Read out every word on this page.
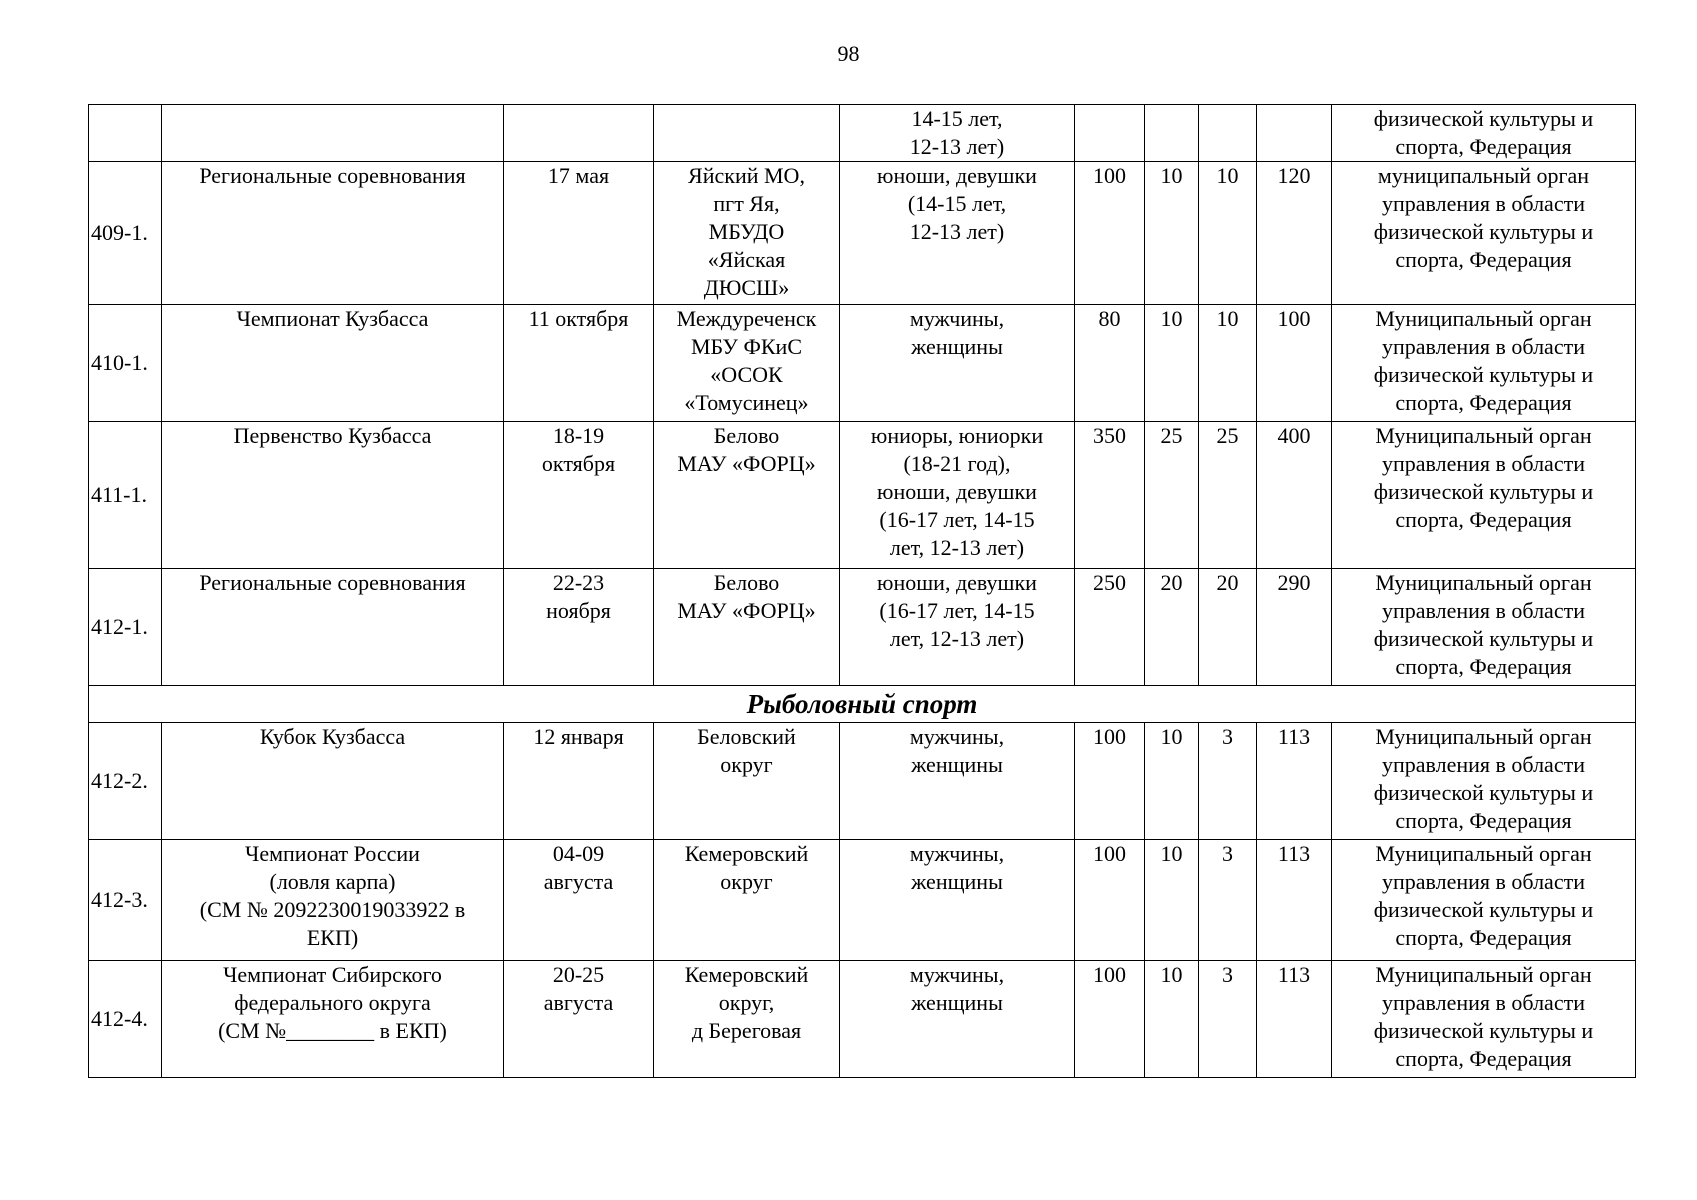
98
				14-15 лет,
12-13 лет)					физической культуры и
спорта, Федерация
409-1.	Региональные соревнования	17 мая	Яйский МО,
пгт Яя,
МБУДО
«Яйская
ДЮСШ»	юноши, девушки
(14-15 лет,
12-13 лет)	100	10	10	120	муниципальный орган
управления в области
физической культуры и
спорта, Федерация
410-1.	Чемпионат Кузбасса	11 октября	Междуреченск
МБУ ФКиС
«ОСОК
«Томусинец»	мужчины,
женщины	80	10	10	100	Муниципальный орган
управления в области
физической культуры и
спорта, Федерация
411-1.	Первенство Кузбасса	18-19
октября	Белово
МАУ «ФОРЦ»	юниоры, юниорки
(18-21 год),
юноши, девушки
(16-17 лет, 14-15
лет, 12-13 лет)	350	25	25	400	Муниципальный орган
управления в области
физической культуры и
спорта, Федерация
412-1.	Региональные соревнования	22-23
ноября	Белово
МАУ «ФОРЦ»	юноши, девушки
(16-17 лет, 14-15
лет, 12-13 лет)	250	20	20	290	Муниципальный орган
управления в области
физической культуры и
спорта, Федерация
Рыболовный спорт									
412-2.	Кубок Кузбасса	12 января	Беловский
округ	мужчины,
женщины	100	10	3	113	Муниципальный орган
управления в области
физической культуры и
спорта, Федерация
412-3.	Чемпионат России
(ловля карпа)
(СМ № 2092230019033922 в
ЕКП)	04-09
августа	Кемеровский
округ	мужчины,
женщины	100	10	3	113	Муниципальный орган
управления в области
физической культуры и
спорта, Федерация
412-4.	Чемпионат Сибирского
федерального округа
(СМ №________ в ЕКП)	20-25
августа	Кемеровский
округ,
д Береговая	мужчины,
женщины	100	10	3	113	Муниципальный орган
управления в области
физической культуры и
спорта, Федерация
